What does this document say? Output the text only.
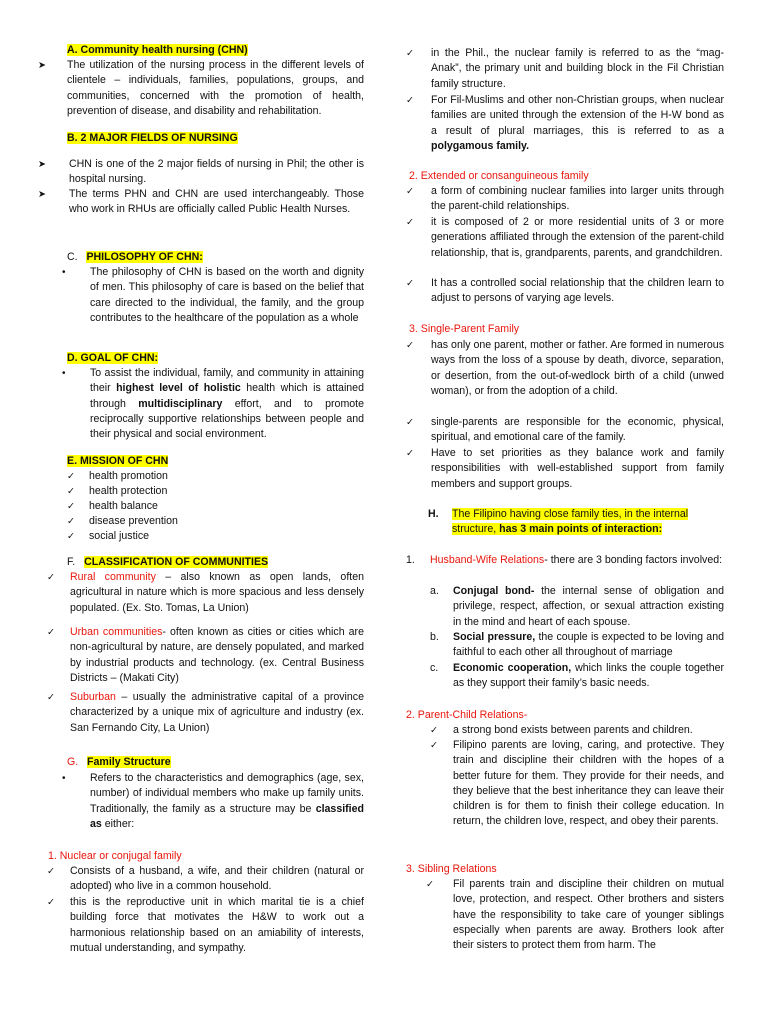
A. Community health nursing (CHN)
➤	The utilization of the nursing process in the different levels of clientele – individuals, families, populations, groups, and communities, concerned with the promotion of health, prevention of disease, and disability and rehabilitation.
B. 2 MAJOR FIELDS OF NURSING
➤	CHN is one of the 2 major fields of nursing in Phil; the other is hospital nursing.
➤	The terms PHN and CHN are used interchangeably. Those who work in RHUs are officially called Public Health Nurses.
C. PHILOSOPHY OF CHN:
•	The philosophy of CHN is based on the worth and dignity of men. This philosophy of care is based on the belief that care directed to the individual, the family, and the group contributes to the healthcare of the population as a whole
D. GOAL OF CHN:
•	To assist the individual, family, and community in attaining their highest level of holistic health which is attained through multidisciplinary effort, and to promote reciprocally supportive relationships between people and their physical and social environment.
E. MISSION OF CHN
✓	health promotion
✓	health protection
✓	health balance
✓	disease prevention
✓	social justice
F. CLASSIFICATION OF COMMUNITIES
✓	Rural community – also known as open lands, often agricultural in nature which is more spacious and less densely populated. (Ex. Sto. Tomas, La Union)
✓	Urban communities- often known as cities or cities which are non-agricultural by nature, are densely populated, and marked by industrial products and technology. (ex. Central Business Districts – (Makati City)
✓	Suburban – usually the administrative capital of a province characterized by a unique mix of agriculture and industry (ex. San Fernando City, La Union)
G. Family Structure
•	Refers to the characteristics and demographics (age, sex, number) of individual members who make up family units. Traditionally, the family as a structure may be classified as either:
1. Nuclear or conjugal family
✓	Consists of a husband, a wife, and their children (natural or adopted) who live in a common household.
✓	this is the reproductive unit in which marital tie is a chief building force that motivates the H&W to work out a harmonious relationship based on an amiability of interests, mutual understanding, and sympathy.
✓	in the Phil., the nuclear family is referred to as the “mag-Anak”, the primary unit and building block in the Fil Christian family structure.
✓	For Fil-Muslims and other non-Christian groups, when nuclear families are united through the extension of the H-W bond as a result of plural marriages, this is referred to as a polygamous family.
2. Extended or consanguineous family
✓	a form of combining nuclear families into larger units through the parent-child relationships.
✓	it is composed of 2 or more residential units of 3 or more generations affiliated through the extension of the parent-child relationship, that is, grandparents, parents, and grandchildren.
✓	It has a controlled social relationship that the children learn to adjust to persons of varying age levels.
3. Single-Parent Family
✓	has only one parent, mother or father. Are formed in numerous ways from the loss of a spouse by death, divorce, separation, or desertion, from the out-of-wedlock birth of a child (unwed woman), or from the adoption of a child.
✓	single-parents are responsible for the economic, physical, spiritual, and emotional care of the family.
✓	Have to set priorities as they balance work and family responsibilities with well-established support from family members and support groups.
H.	The Filipino having close family ties, in the internal structure, has 3 main points of interaction:
1.	Husband-Wife Relations- there are 3 bonding factors involved:
a.	Conjugal bond- the internal sense of obligation and privilege, respect, affection, or sexual attraction existing in the mind and heart of each spouse.
b.	Social pressure, the couple is expected to be loving and faithful to each other all throughout of marriage
c.	Economic cooperation, which links the couple together as they support their family’s basic needs.
2. Parent-Child Relations-
✓	a strong bond exists between parents and children.
✓	Filipino parents are loving, caring, and protective. They train and discipline their children with the hopes of a better future for them. They provide for their needs, and they believe that the best inheritance they can leave their children is for them to finish their college education. In return, the children love, respect, and obey their parents.
3. Sibling Relations
✓	Fil parents train and discipline their children on mutual love, protection, and respect. Other brothers and sisters have the responsibility to take care of younger siblings especially when parents are away. Brothers look after their sisters to protect them from harm. The
